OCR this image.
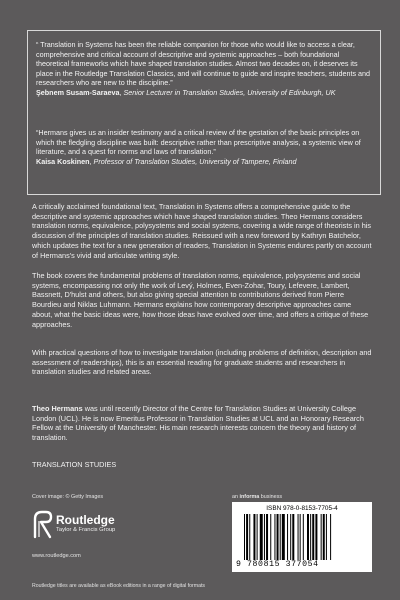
“ Translation in Systems has been the reliable companion for those who would like to access a clear, comprehensive and critical account of descriptive and systemic approaches – both foundational theoretical frameworks which have shaped translation studies. Almost two decades on, it deserves its place in the Routledge Translation Classics, and will continue to guide and inspire teachers, students and researchers who are new to the discipline.”
Şebnem Susam-Saraeva, Senior Lecturer in Translation Studies, University of Edinburgh, UK
“Hermans gives us an insider testimony and a critical review of the gestation of the basic principles on which the fledgling discipline was built: descriptive rather than prescriptive analysis, a systemic view of literature, and a quest for norms and laws of translation.”
Kaisa Koskinen, Professor of Translation Studies, University of Tampere, Finland
A critically acclaimed foundational text, Translation in Systems offers a comprehensive guide to the descriptive and systemic approaches which have shaped translation studies. Theo Hermans considers translation norms, equivalence, polysystems and social systems, covering a wide range of theorists in his discussion of the principles of translation studies. Reissued with a new foreword by Kathryn Batchelor, which updates the text for a new generation of readers, Translation in Systems endures partly on account of Hermans's vivid and articulate writing style.
The book covers the fundamental problems of translation norms, equivalence, polysystems and social systems, encompassing not only the work of Levý, Holmes, Even-Zohar, Toury, Lefevere, Lambert, Bassnett, D'hulst and others, but also giving special attention to contributions derived from Pierre Bourdieu and Niklas Luhmann. Hermans explains how contemporary descriptive approaches came about, what the basic ideas were, how those ideas have evolved over time, and offers a critique of these approaches.
With practical questions of how to investigate translation (including problems of definition, description and assessment of readerships), this is an essential reading for graduate students and researchers in translation studies and related areas.
Theo Hermans was until recently Director of the Centre for Translation Studies at University College London (UCL). He is now Emeritus Professor in Translation Studies at UCL and an Honorary Research Fellow at the University of Manchester. His main research interests concern the theory and history of translation.
TRANSLATION STUDIES
Cover image: © Getty Images	an informa business
Routledge
Taylor & Francis Group
www.routledge.com
ISBN 978-0-8153-7705-4
9 780815 377054
Routledge titles are available as eBook editions in a range of digital formats
